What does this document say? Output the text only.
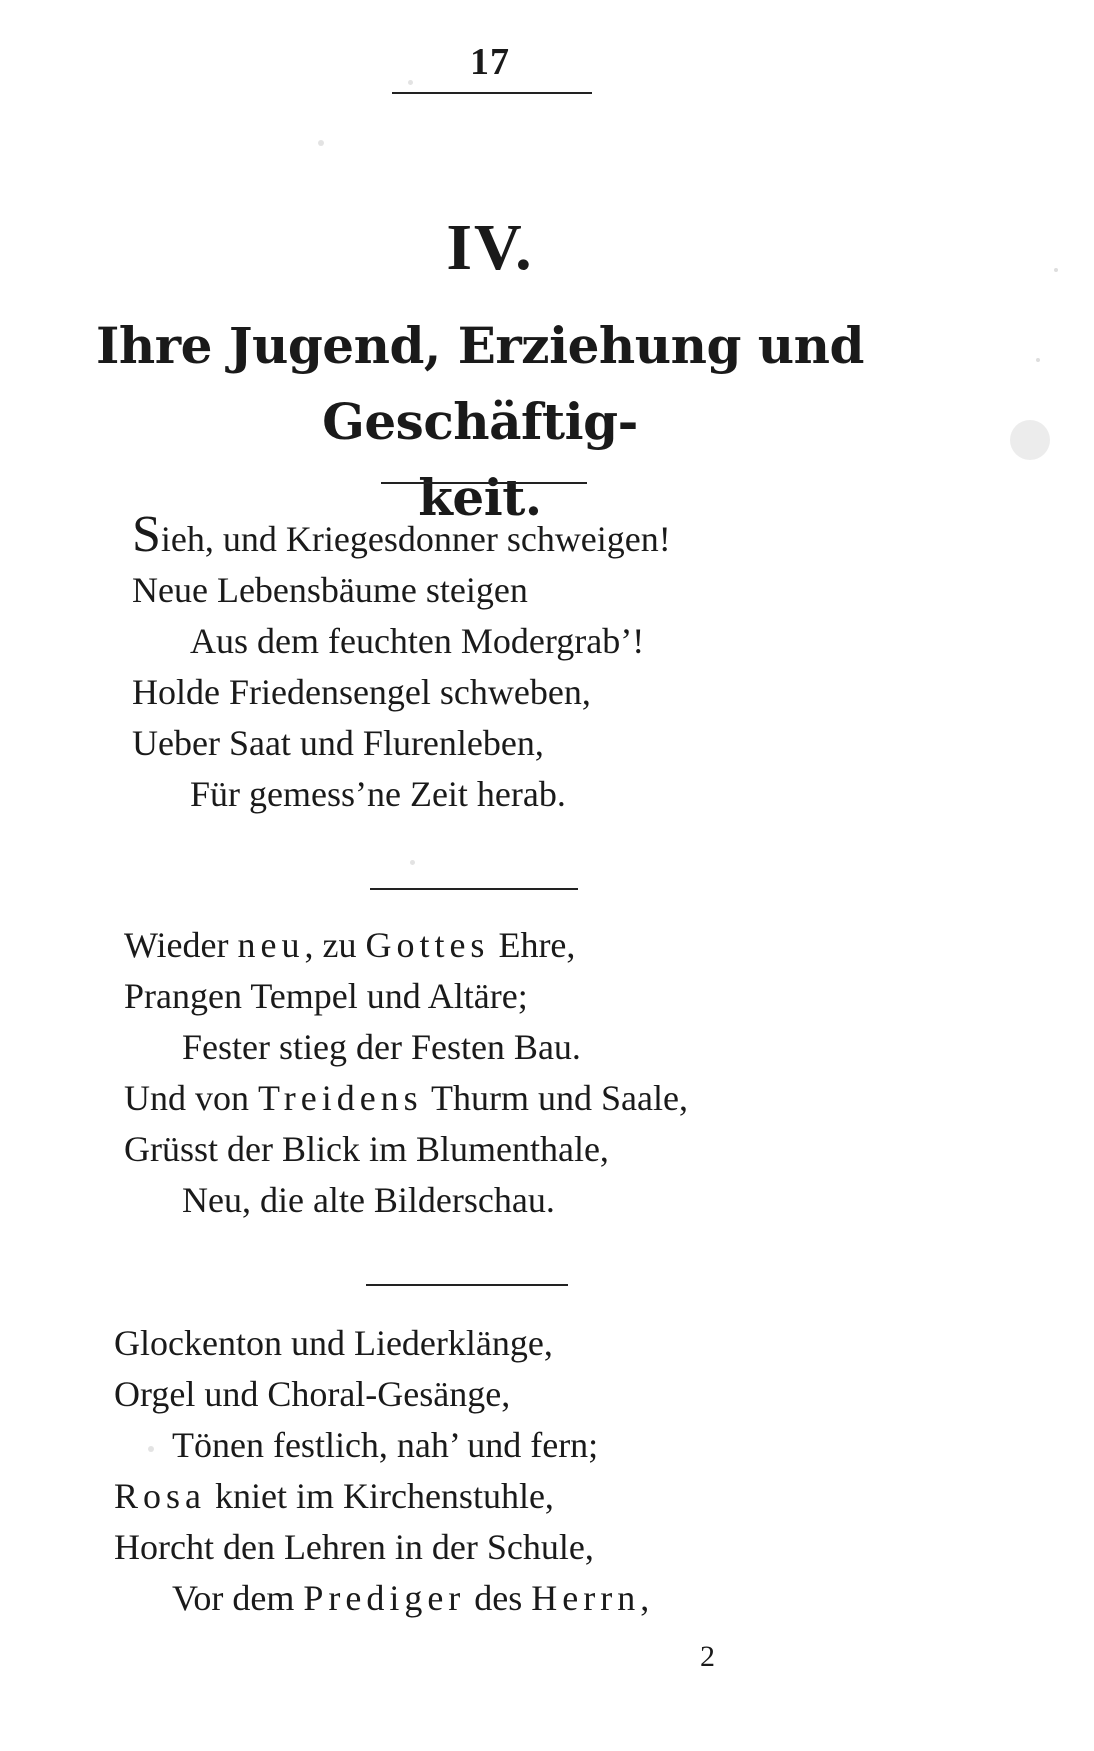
17
IV.
Ihre Jugend, Erziehung und Geschäftig-
keit.
Sieh, und Kriegesdonner schweigen!
Neue Lebensbäume steigen
Aus dem feuchten Modergrab’!
Holde Friedensengel schweben,
Ueber Saat und Flurenleben,
Für gemess’ne Zeit herab.
Wieder neu, zu Gottes Ehre,
Prangen Tempel und Altäre;
Fester stieg der Festen Bau.
Und von Treidens Thurm und Saale,
Grüsst der Blick im Blumenthale,
Neu, die alte Bilderschau.
Glockenton und Liederklänge,
Orgel und Choral-Gesänge,
Tönen festlich, nah’ und fern;
Rosa kniet im Kirchenstuhle,
Horcht den Lehren in der Schule,
Vor dem Prediger des Herrn,
2
